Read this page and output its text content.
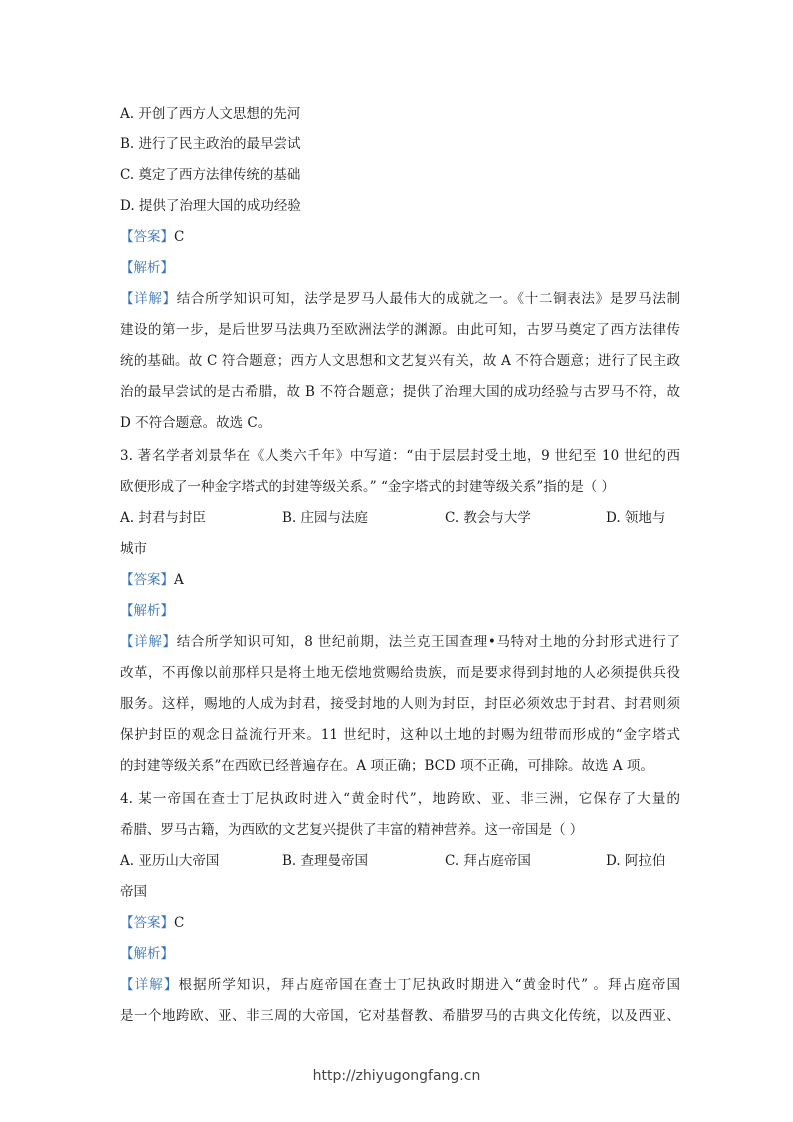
A. 开创了西方人文思想的先河
B. 进行了民主政治的最早尝试
C. 奠定了西方法律传统的基础
D. 提供了治理大国的成功经验
【答案】C
【解析】
【详解】结合所学知识可知，法学是罗马人最伟大的成就之一。《十二铜表法》是罗马法制
建设的第一步，是后世罗马法典乃至欧洲法学的渊源。由此可知，古罗马奠定了西方法律传
统的基础。故 C 符合题意；西方人文思想和文艺复兴有关，故 A 不符合题意；进行了民主政
治的最早尝试的是古希腊，故 B 不符合题意；提供了治理大国的成功经验与古罗马不符，故
D 不符合题意。故选 C。
3. 著名学者刘景华在《人类六千年》中写道：“由于层层封受土地，9 世纪至 10 世纪的西
欧便形成了一种金字塔式的封建等级关系。” “金字塔式的封建等级关系”指的是（ ）
A. 封君与封臣	B. 庄园与法庭	C. 教会与大学	D. 领地与
城市
【答案】A
【解析】
【详解】结合所学知识可知，8 世纪前期，法兰克王国查理•马特对土地的分封形式进行了
改革，不再像以前那样只是将土地无偿地赏赐给贵族，而是要求得到封地的人必须提供兵役
服务。这样，赐地的人成为封君，接受封地的人则为封臣，封臣必须效忠于封君、封君则须
保护封臣的观念日益流行开来。11 世纪时，这种以土地的封赐为纽带而形成的“金字塔式
的封建等级关系”在西欧已经普遍存在。A 项正确；BCD 项不正确，可排除。故选 A 项。
4. 某一帝国在查士丁尼执政时进入“黄金时代”，地跨欧、亚、非三洲，它保存了大量的
希腊、罗马古籍，为西欧的文艺复兴提供了丰富的精神营养。这一帝国是（ ）
A. 亚历山大帝国	B. 查理曼帝国	C. 拜占庭帝国	D. 阿拉伯
帝国
【答案】C
【解析】
【详解】根据所学知识，拜占庭帝国在查士丁尼执政时期进入“黄金时代” 。拜占庭帝国
是一个地跨欧、亚、非三周的大帝国，它对基督教、希腊罗马的古典文化传统，以及西亚、
http://zhiyugongfang.cn
